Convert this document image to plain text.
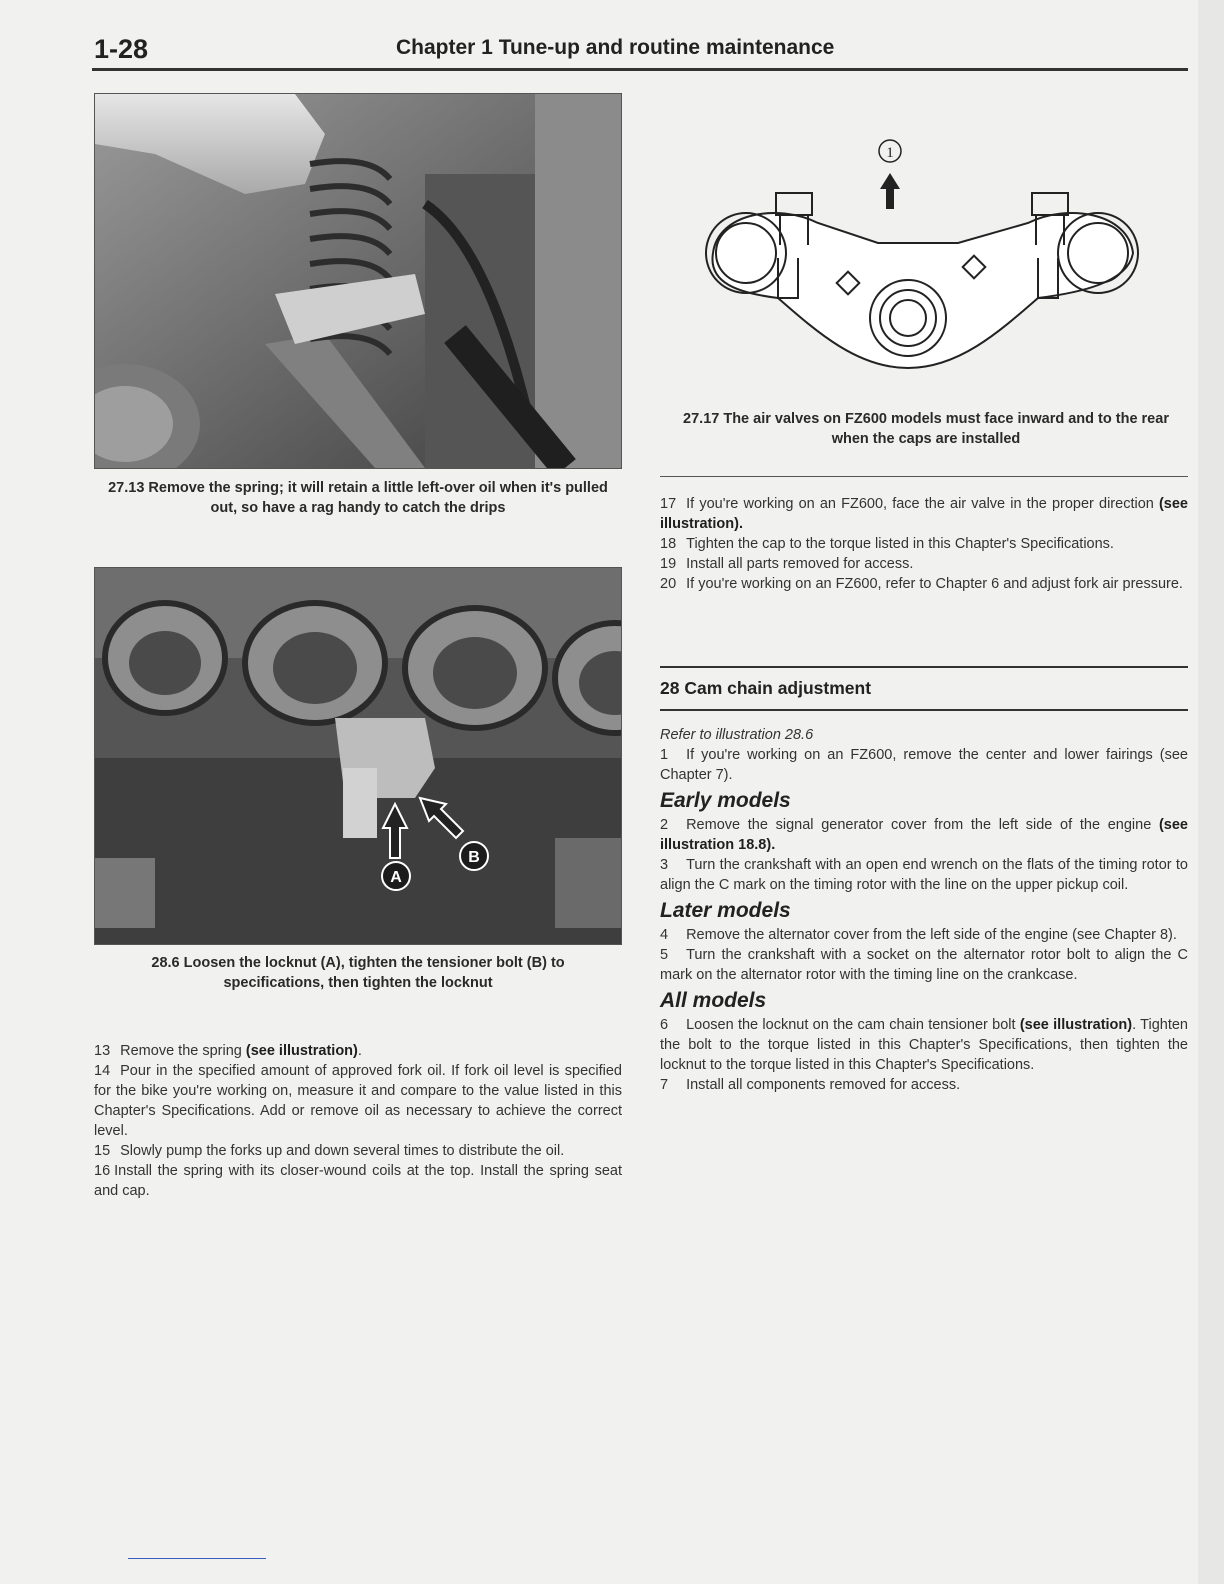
1-28	Chapter 1 Tune-up and routine maintenance
27.13 Remove the spring; it will retain a little left-over oil when it's pulled out, so have a rag handy to catch the drips
A
B
28.6 Loosen the locknut (A), tighten the tensioner bolt (B) to specifications, then tighten the locknut
1
27.17 The air valves on FZ600 models must face inward and to the rear when the caps are installed

13 Remove the spring (see illustration).

14 Pour in the specified amount of approved fork oil. If fork oil level is specified for the bike you're working on, measure it and compare to the value listed in this Chapter's Specifications. Add or remove oil as necessary to achieve the correct level.

15 Slowly pump the forks up and down several times to distribute the oil.

16 Install the spring with its closer-wound coils at the top. Install the spring seat and cap.

17 If you're working on an FZ600, face the air valve in the proper direction (see illustration).

18 Tighten the cap to the torque listed in this Chapter's Specifications.

19 Install all parts removed for access.

20 If you're working on an FZ600, refer to Chapter 6 and adjust fork air pressure.

28 Cam chain adjustment

Refer to illustration 28.6

1 If you're working on an FZ600, remove the center and lower fairings (see Chapter 7).

Early models

2 Remove the signal generator cover from the left side of the engine (see illustration 18.8).

3 Turn the crankshaft with an open end wrench on the flats of the timing rotor to align the C mark on the timing rotor with the line on the upper pickup coil.

Later models

4 Remove the alternator cover from the left side of the engine (see Chapter 8).

5 Turn the crankshaft with a socket on the alternator rotor bolt to align the C mark on the alternator rotor with the timing line on the crankcase.

All models

6 Loosen the locknut on the cam chain tensioner bolt (see illustration). Tighten the bolt to the torque listed in this Chapter's Specifications, then tighten the locknut to the torque listed in this Chapter's Specifications.

7 Install all components removed for access.
